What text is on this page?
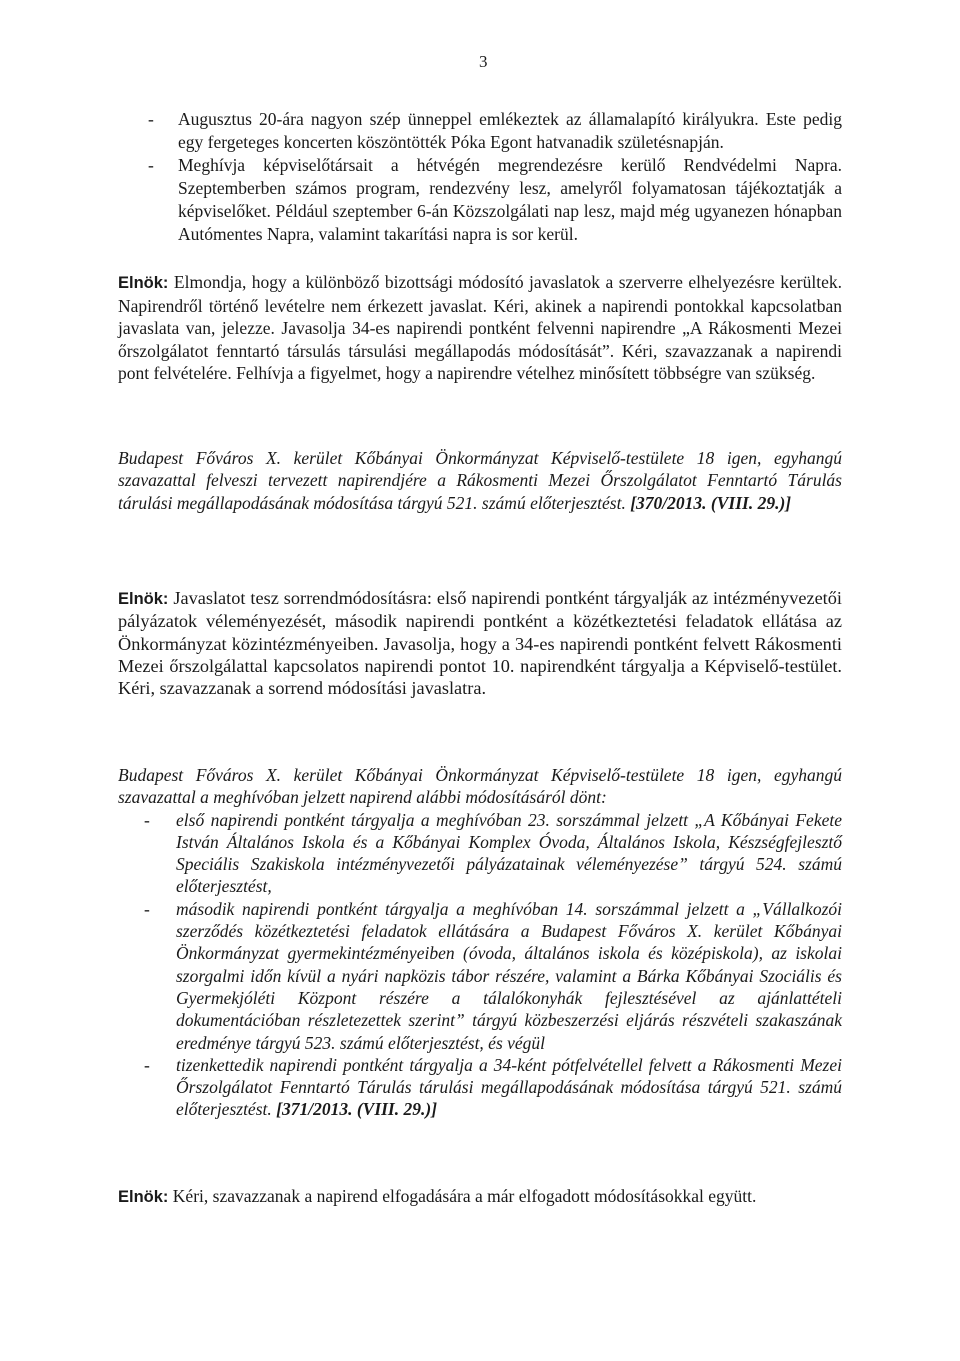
3
- Augusztus 20-ára nagyon szép ünneppel emlékeztek az államalapító királyukra. Este pedig egy fergeteges koncerten köszöntötték Póka Egont hatvanadik születésnapján.
- Meghívja képviselőtársait a hétvégén megrendezésre kerülő Rendvédelmi Napra. Szeptemberben számos program, rendezvény lesz, amelyről folyamatosan tájékoztatják a képviselőket. Például szeptember 6-án Közszolgálati nap lesz, majd még ugyanezen hónapban Autómentes Napra, valamint takarítási napra is sor kerül.
Elnök: Elmondja, hogy a különböző bizottsági módosító javaslatok a szerverre elhelyezésre kerültek. Napirendről történő levételre nem érkezett javaslat. Kéri, akinek a napirendi pontokkal kapcsolatban javaslata van, jelezze. Javasolja 34-es napirendi pontként felvenni napirendre „A Rákosmenti Mezei őrszolgálatot fenntartó társulás társulási megállapodás módosítását”. Kéri, szavazzanak a napirendi pont felvételére. Felhívja a figyelmet, hogy a napirendre vételhez minősített többségre van szükség.
Budapest Főváros X. kerület Kőbányai Önkormányzat Képviselő-testülete 18 igen, egyhangú szavazattal felveszi tervezett napirendjére a Rákosmenti Mezei Őrszolgálatot Fenntartó Tárulás tárulási megállapodásának módosítása tárgyú 521. számú előterjesztést. [370/2013. (VIII. 29.)]
Elnök: Javaslatot tesz sorrendmódosításra: első napirendi pontként tárgyalják az intézményvezetői pályázatok véleményezését, második napirendi pontként a közétkeztetési feladatok ellátása az Önkormányzat közintézményeiben. Javasolja, hogy a 34-es napirendi pontként felvett Rákosmenti Mezei őrszolgálattal kapcsolatos napirendi pontot 10. napirendként tárgyalja a Képviselő-testület. Kéri, szavazzanak a sorrend módosítási javaslatra.
Budapest Főváros X. kerület Kőbányai Önkormányzat Képviselő-testülete 18 igen, egyhangú szavazattal a meghívóban jelzett napirend alábbi módosításáról dönt:
- első napirendi pontként tárgyalja a meghívóban 23. sorszámmal jelzett „A Kőbányai Fekete István Általános Iskola és a Kőbányai Komplex Óvoda, Általános Iskola, Készségfejlesztő Speciális Szakiskola intézményvezetői pályázatainak véleményezése” tárgyú 524. számú előterjesztést,
- második napirendi pontként tárgyalja a meghívóban 14. sorszámmal jelzett a „Vállalkozói szerződés közétkeztetési feladatok ellátására a Budapest Főváros X. kerület Kőbányai Önkormányzat gyermekintézményeiben (óvoda, általános iskola és középiskola), az iskolai szorgalmi időn kívül a nyári napközis tábor részére, valamint a Bárka Kőbányai Szociális és Gyermekjóléti Központ részére a tálalókonyhák fejlesztésével az ajánlattételi dokumentációban részletezettek szerint” tárgyú közbeszerzési eljárás részvételi szakaszának eredménye tárgyú 523. számú előterjesztést, és végül
- tizenkettedik napirendi pontként tárgyalja a 34-ként pótfelvétellel felvett a Rákosmenti Mezei Őrszolgálatot Fenntartó Tárulás tárulási megállapodásának módosítása tárgyú 521. számú előterjesztést. [371/2013. (VIII. 29.)]
Elnök: Kéri, szavazzanak a napirend elfogadására a már elfogadott módosításokkal együtt.
